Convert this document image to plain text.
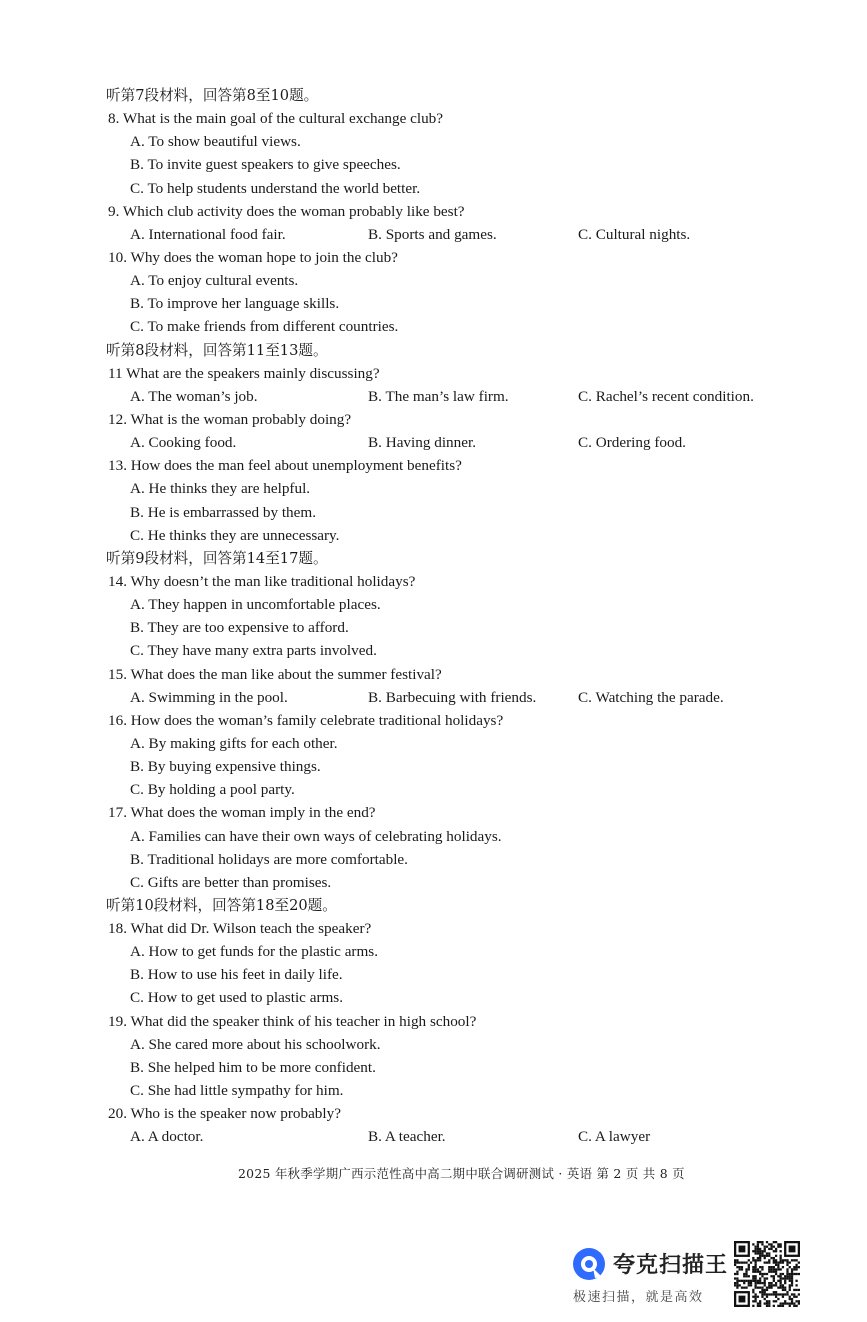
听第7段材料，回答第8至10题。
8. What is the main goal of the cultural exchange club?
A. To show beautiful views.
B. To invite guest speakers to give speeches.
C. To help students understand the world better.
9. Which club activity does the woman probably like best?
A. International food fair.	B. Sports and games.	C. Cultural nights.
10. Why does the woman hope to join the club?
A. To enjoy cultural events.
B. To improve her language skills.
C. To make friends from different countries.
听第8段材料，回答第11至13题。
11 What are the speakers mainly discussing?
A. The woman’s job.	B. The man’s law firm.	C. Rachel’s recent condition.
12. What is the woman probably doing?
A. Cooking food.	B. Having dinner.	C. Ordering food.
13. How does the man feel about unemployment benefits?
A. He thinks they are helpful.
B. He is embarrassed by them.
C. He thinks they are unnecessary.
听第9段材料，回答第14至17题。
14. Why doesn’t the man like traditional holidays?
A. They happen in uncomfortable places.
B. They are too expensive to afford.
C. They have many extra parts involved.
15. What does the man like about the summer festival?
A. Swimming in the pool.	B. Barbecuing with friends.	C. Watching the parade.
16. How does the woman’s family celebrate traditional holidays?
A. By making gifts for each other.
B. By buying expensive things.
C. By holding a pool party.
17. What does the woman imply in the end?
A. Families can have their own ways of celebrating holidays.
B. Traditional holidays are more comfortable.
C. Gifts are better than promises.
听第10段材料，回答第18至20题。
18. What did Dr. Wilson teach the speaker?
A. How to get funds for the plastic arms.
B. How to use his feet in daily life.
C. How to get used to plastic arms.
19. What did the speaker think of his teacher in high school?
A. She cared more about his schoolwork.
B. She helped him to be more confident.
C. She had little sympathy for him.
20. Who is the speaker now probably?
A. A doctor.	B. A teacher.	C. A lawyer
2025 年秋季学期广西示范性高中高二期中联合调研测试 · 英语 第 2 页 共 8 页
夸克扫描王
极速扫描，就是高效
